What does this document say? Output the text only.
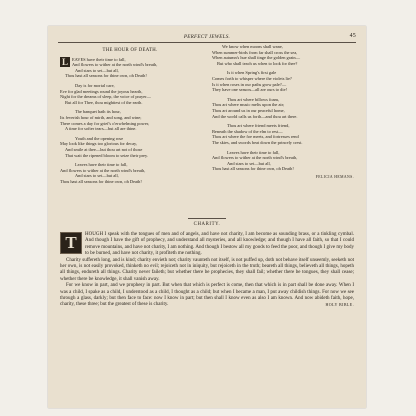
PERFECT JEWELS.	45
THE HOUR OF DEATH.
L EAVES have their time to fall,
And flowers to wither at the north wind's breath,
And stars to set—but all,
Thou hast all seasons for thine own, oh Death!
Day is for mortal care,
Eve for glad meetings round the joyous hearth,
Night for the dreams of sleep, the voice of prayer—
But all for Thee, thou mightiest of the earth.
The banquet hath its hour,
Its feverish hour of mirth, and song, and wine;
There comes a day for grief's o'erwhelming power,
A time for softer tears—but all are thine.
Youth and the opening rose
May look like things too glorious for decay,
And smile at thee—but thou art not of those
That wait the ripened bloom to seize their prey.
Leaves have their time to fall,
And flowers to wither at the north wind's breath,
And stars to set—but all,
Thou hast all seasons for thine own, oh Death!
We know when moons shall wane,
When summer-birds from far shall cross the sea,
When autumn's hue shall tinge the golden grain—
But who shall teach us when to look for thee?
Is it when Spring's first gale
Comes forth to whisper where the violets lie?
Is it when roses in our paths grow pale?—
They have one season—all are ours to die!
Thou art where billows foam,
Thou art where music melts upon the air;
Thou art around us in our peaceful home,
And the world calls us forth—and thou art there.
Thou art where friend meets friend,
Beneath the shadow of the elm to rest—
Thou art where the foe meets, and fortresses rend
The skies, and swords beat down the princely crest.
Leaves have their time to fall,
And flowers to wither at the north wind's breath,
And stars to set—but all,
Thou hast all seasons for thine own, oh Death!
FELICIA HEMANS.
CHARITY.
T	HOUGH I speak with the tongues of men and of angels, and have not charity, I am become as sounding brass, or a tinkling cymbal. And though I have the gift of prophecy, and understand all mysteries, and all knowledge; and though I have all faith, so that I could remove mountains, and have not charity, I am nothing. And though I bestow all my goods to feed the poor, and though I give my body to be burned, and have not charity, it profiteth me nothing.

Charity suffereth long, and is kind; charity envieth not; charity vaunteth not itself, is not puffed up, doth not behave itself unseemly, seeketh not her own, is not easily provoked, thinketh no evil; rejoiceth not in iniquity, but rejoiceth in the truth; beareth all things, believeth all things, hopeth all things, endureth all things. Charity never faileth; but whether there be prophecies, they shall fail; whether there be tongues, they shall cease; whether there be knowledge, it shall vanish away.

For we know in part, and we prophesy in part. But when that which is perfect is come, then that which is in part shall be done away. When I was a child, I spake as a child, I understood as a child, I thought as a child; but when I became a man, I put away childish things. For now we see through a glass, darkly; but then face to face: now I know in part; but then shall I know even as also I am known. And now abideth faith, hope, charity, these three; but the greatest of these is charity.	HOLY BIBLE.
